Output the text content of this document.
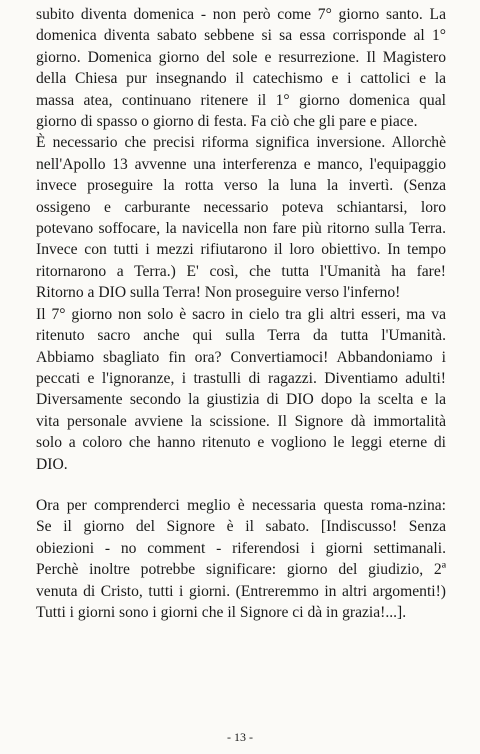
subito diventa domenica - non però come 7° giorno santo. La
domenica diventa sabato sebbene si sa essa corrisponde al 1°
giorno. Domenica giorno del sole e resurrezione. Il Magistero
della Chiesa pur insegnando il catechismo e i cattolici e la
massa atea, continuano ritenere il 1° giorno domenica qual
giorno di spasso o giorno di festa. Fa ciò che gli pare e piace.
È necessario che precisi riforma significa inversione. Allorchè
nell'Apollo 13 avvenne una interferenza e manco, l'equipaggio
invece proseguire la rotta verso la luna la invertì. (Senza
ossigeno e carburante necessario poteva schiantarsi, loro
potevano soffocare, la navicella non fare più ritorno sulla Terra.
Invece con tutti i mezzi rifiutarono il loro obiettivo. In tempo
ritornarono a Terra.) E' così, che tutta l'Umanità ha fare!
Ritorno a DIO sulla Terra! Non proseguire verso l'inferno!
Il 7° giorno non solo è sacro in cielo tra gli altri esseri, ma va
ritenuto sacro anche qui sulla Terra da tutta l'Umanità.
Abbiamo sbagliato fin ora? Convertiamoci! Abbandoniamo i
peccati e l'ignoranze, i trastulli di ragazzi. Diventiamo adulti!
Diversamente secondo la giustizia di DIO dopo la scelta e la
vita personale avviene la scissione. Il Signore dà immortalità
solo a coloro che hanno ritenuto e vogliono le leggi eterne di
DIO.
Ora per comprenderci meglio è necessaria questa roma-nzina:
Se il giorno del Signore è il sabato. [Indiscusso! Senza
obiezioni - no comment - riferendosi i giorni settimanali.
Perchè inoltre potrebbe significare: giorno del giudizio, 2ª
venuta di Cristo, tutti i giorni. (Entreremmo in altri argomenti!)
Tutti i giorni sono i giorni che il Signore ci dà in grazia!...].
- 13 -
